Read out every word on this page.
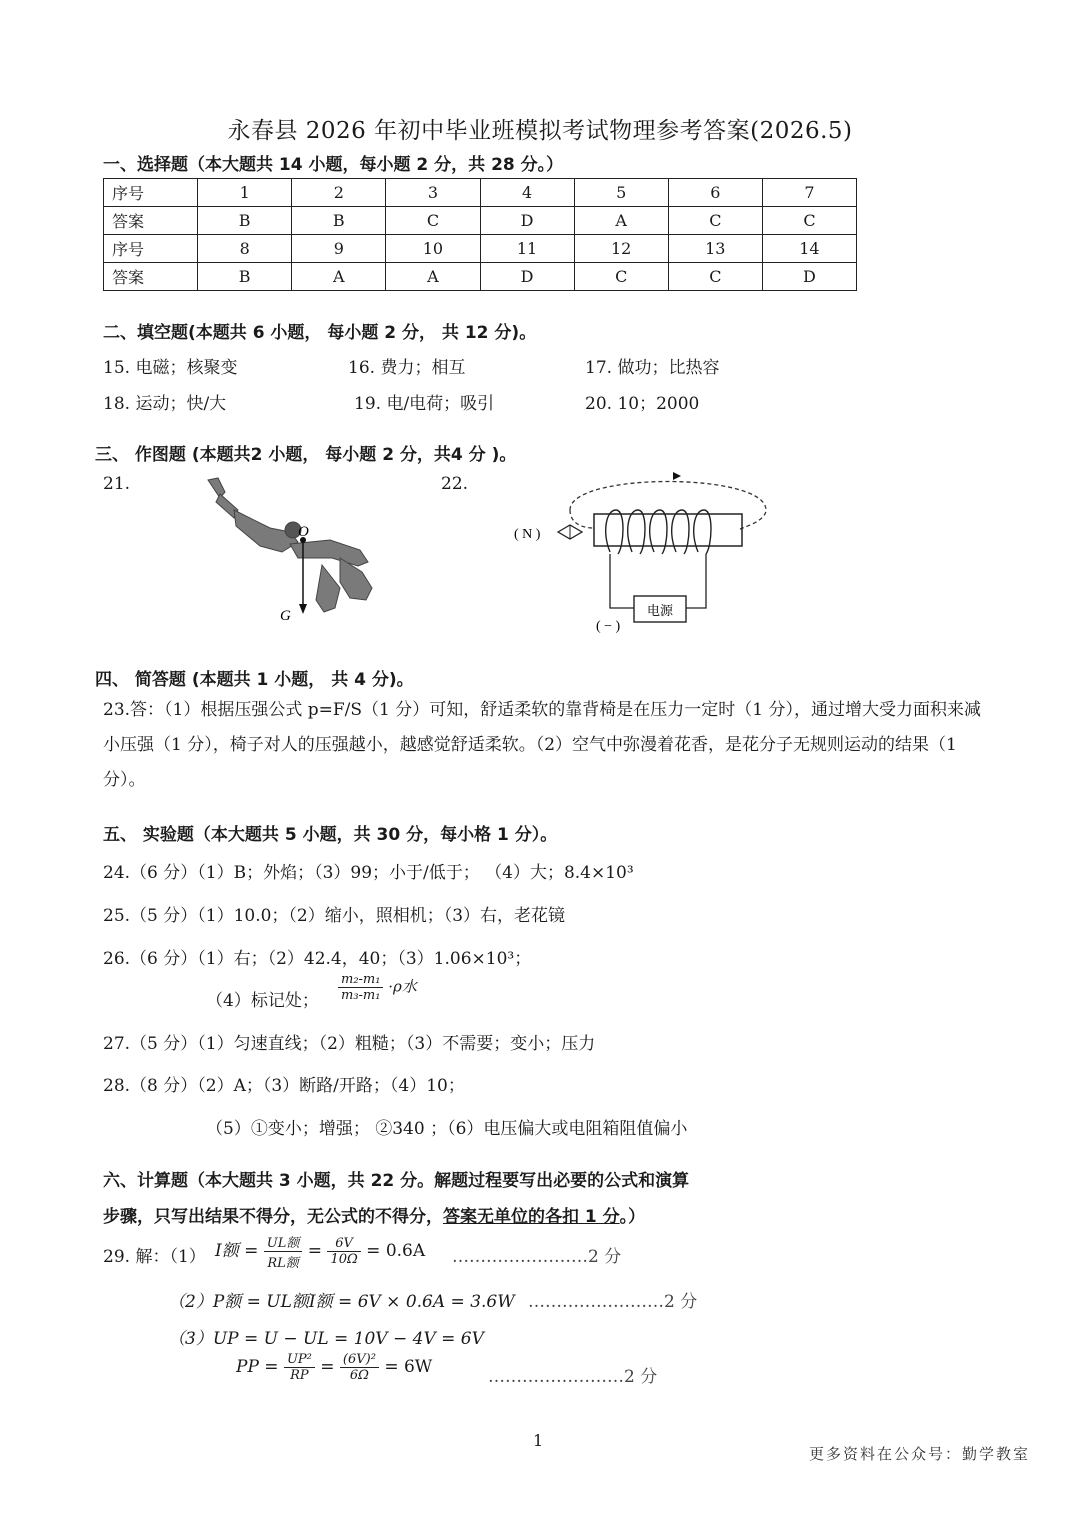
永春县 2026 年初中毕业班模拟考试物理参考答案(2026.5)
一、选择题（本大题共 14 小题，每小题 2 分，共 28 分。）
序号	1	2	3	4	5	6	7
答案	B	B	C	D	A	C	C
序号	8	9	10	11	12	13	14
答案	B	A	A	D	C	C	D
二、填空题(本题共 6 小题， 每小题 2 分， 共 12 分)。
15. 电磁；核聚变	16. 费力；相互	17. 做功；比热容
18. 运动；快/大	19. 电/电荷；吸引	20. 10；2000
三、 作图题 (本题共2 小题， 每小题 2 分，共4 分 )。
21.	22.
O
G	电源
( N )
( − )
四、 简答题 (本题共 1 小题， 共 4 分)。
23.答：（1）根据压强公式 p=F/S（1 分）可知，舒适柔软的靠背椅是在压力一定时（1 分），通过增大受力面积来减小压强（1 分），椅子对人的压强越小，越感觉舒适柔软。（2）空气中弥漫着花香，是花分子无规则运动的结果（1 分）。
五、 实验题（本大题共 5 小题，共 30 分，每小格 1 分）。
24.（6 分）（1）B；外焰；（3）99；小于/低于； （4）大；8.4×10³
25.（5 分）（1）10.0；（2）缩小，照相机；（3）右，老花镜
26.（6 分）（1）右；（2）42.4，40；（3）1.06×10³；
（4）标记处； $\frac{\text{m₂-m₁}}{\text{m₃-m₁}} \cdot\rho$水
27.（5 分）（1）匀速直线；（2）粗糙；（3）不需要；变小；压力
28.（8 分）（2）A；（3）断路/开路；（4）10；
（5）①变小；增强； ②340 ；（6）电压偏大或电阻箱阻值偏小
六、计算题（本大题共 3 小题，共 22 分。解题过程要写出必要的公式和演算
步骤，只写出结果不得分，无公式的不得分，答案无单位的各扣 1 分。）
29. 解：（1） I额 = $\frac{\text{UL额}}{\text{RL额}} = \frac{6V}{10\Omega} = 0.6A$ ……………………2 分
（2）P额 = UL额I额 = 6V × 0.6A = 3.6W ……………………2 分
（3）UP = U − UL = 10V − 4V = 6V
PP = $\frac{\text{UP²}}{RP} = \frac{\text{(6V)²}}{6\Omega} = 6W$	……………………2 分
1
更多资料在公众号：勤学教室
